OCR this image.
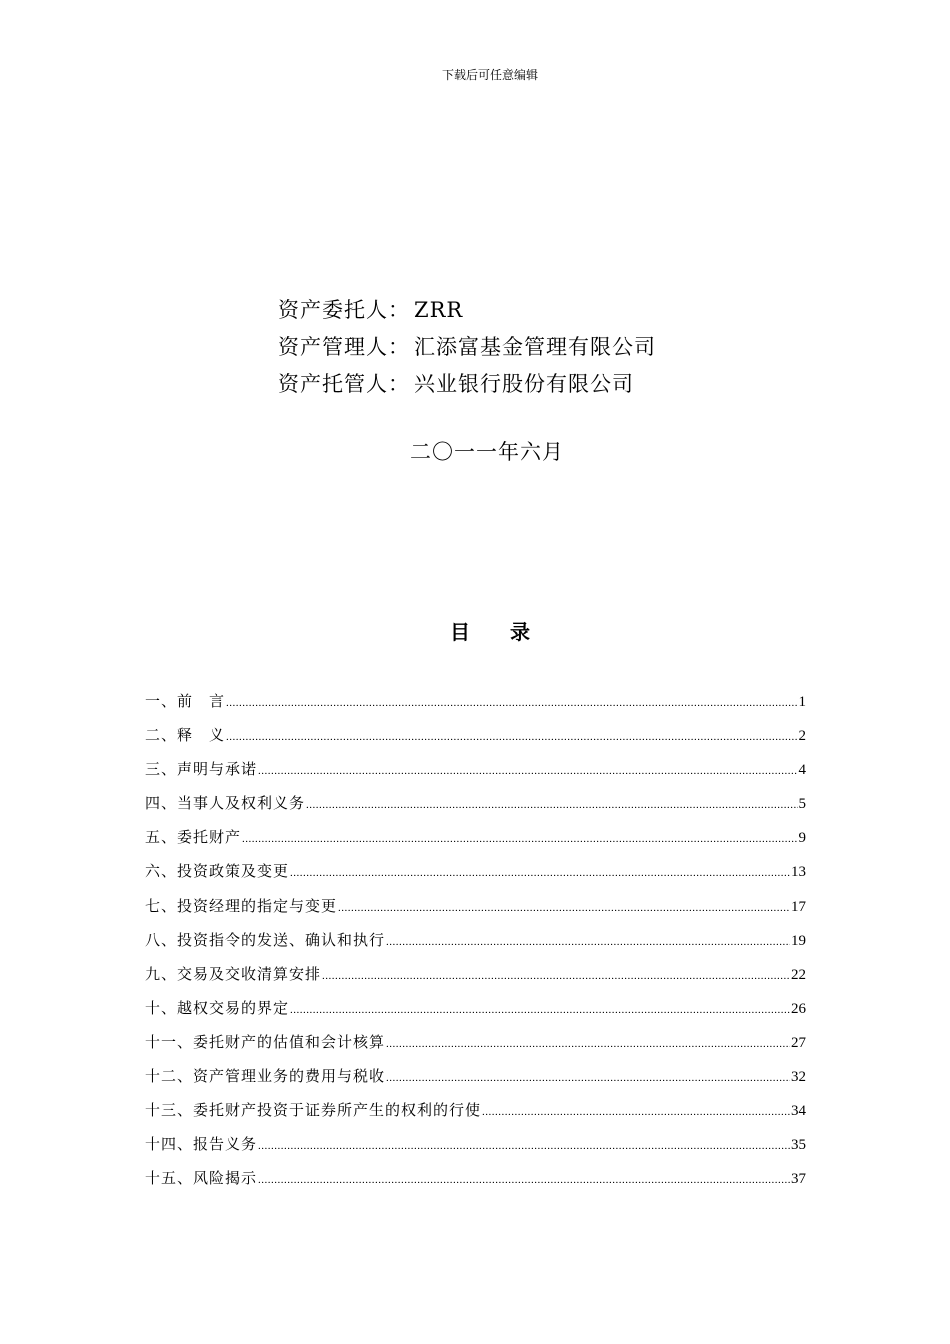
下载后可任意编辑
资产委托人： ZRR
资产管理人： 汇添富基金管理有限公司
资产托管人： 兴业银行股份有限公司
二〇一一年六月
目　　录
一、前　言 .....	1
二、释　义 .....	2
三、声明与承诺 .....	4
四、当事人及权利义务 .....	5
五、委托财产 .....	9
六、投资政策及变更 .....	13
七、投资经理的指定与变更 .....	17
八、投资指令的发送、确认和执行 .....	19
九、交易及交收清算安排 .....	22
十、越权交易的界定 .....	26
十一、委托财产的估值和会计核算 .....	27
十二、资产管理业务的费用与税收 .....	32
十三、委托财产投资于证券所产生的权利的行使 .....	34
十四、报告义务 .....	35
十五、风险揭示 .....	37
